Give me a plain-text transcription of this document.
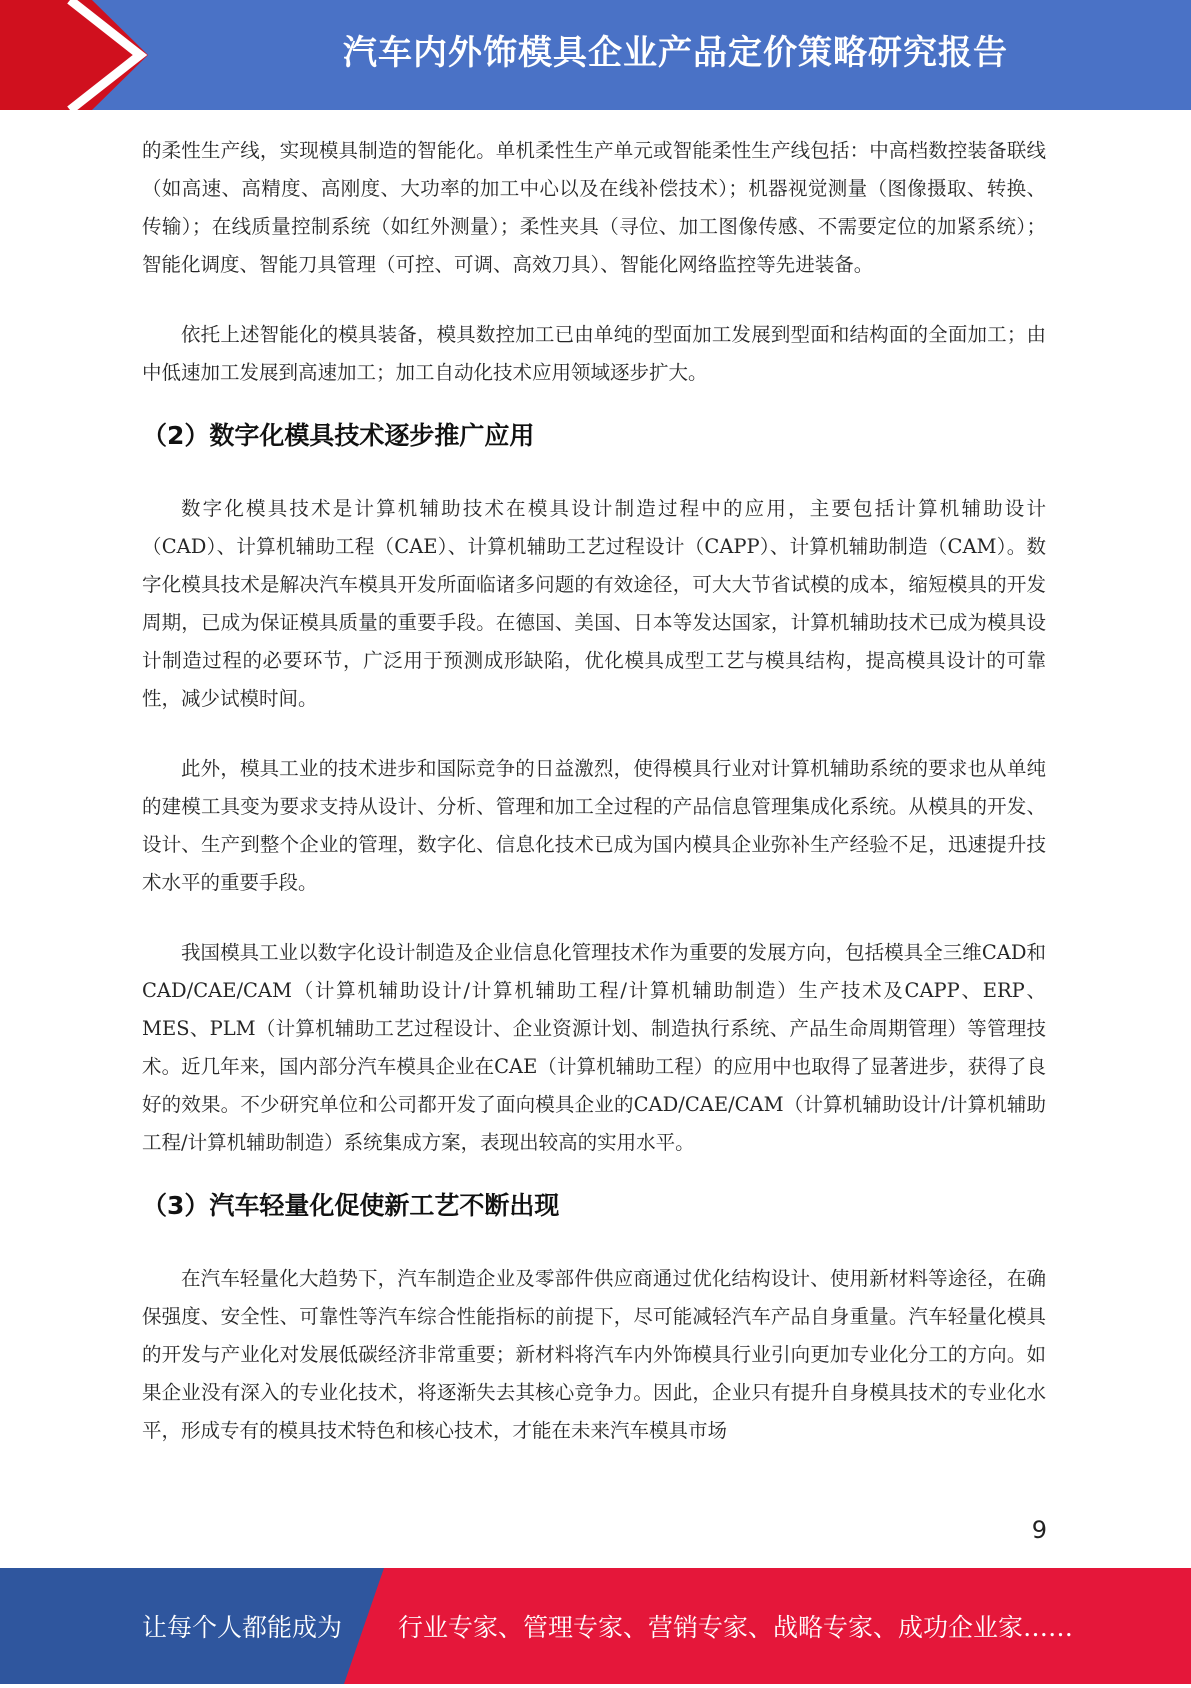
汽车内外饰模具企业产品定价策略研究报告

的柔性生产线，实现模具制造的智能化。单机柔性生产单元或智能柔性生产线包括：中高档数控装备联线（如高速、高精度、高刚度、大功率的加工中心以及在线补偿技术）；机器视觉测量（图像摄取、转换、传输）；在线质量控制系统（如红外测量）；柔性夹具（寻位、加工图像传感、不需要定位的加紧系统）；智能化调度、智能刀具管理（可控、可调、高效刀具）、智能化网络监控等先进装备。

依托上述智能化的模具装备，模具数控加工已由单纯的型面加工发展到型面和结构面的全面加工；由中低速加工发展到高速加工；加工自动化技术应用领域逐步扩大。

（2）数字化模具技术逐步推广应用

数字化模具技术是计算机辅助技术在模具设计制造过程中的应用，主要包括计算机辅助设计（CAD）、计算机辅助工程（CAE）、计算机辅助工艺过程设计（CAPP）、计算机辅助制造（CAM）。数字化模具技术是解决汽车模具开发所面临诸多问题的有效途径，可大大节省试模的成本，缩短模具的开发周期，已成为保证模具质量的重要手段。在德国、美国、日本等发达国家，计算机辅助技术已成为模具设计制造过程的必要环节，广泛用于预测成形缺陷，优化模具成型工艺与模具结构，提高模具设计的可靠性，减少试模时间。

此外，模具工业的技术进步和国际竞争的日益激烈，使得模具行业对计算机辅助系统的要求也从单纯的建模工具变为要求支持从设计、分析、管理和加工全过程的产品信息管理集成化系统。从模具的开发、设计、生产到整个企业的管理，数字化、信息化技术已成为国内模具企业弥补生产经验不足，迅速提升技术水平的重要手段。

我国模具工业以数字化设计制造及企业信息化管理技术作为重要的发展方向，包括模具全三维CAD和CAD/CAE/CAM（计算机辅助设计/计算机辅助工程/计算机辅助制造）生产技术及CAPP、ERP、MES、PLM（计算机辅助工艺过程设计、企业资源计划、制造执行系统、产品生命周期管理）等管理技术。近几年来，国内部分汽车模具企业在CAE（计算机辅助工程）的应用中也取得了显著进步，获得了良好的效果。不少研究单位和公司都开发了面向模具企业的CAD/CAE/CAM（计算机辅助设计/计算机辅助工程/计算机辅助制造）系统集成方案，表现出较高的实用水平。

（3）汽车轻量化促使新工艺不断出现

在汽车轻量化大趋势下，汽车制造企业及零部件供应商通过优化结构设计、使用新材料等途径，在确保强度、安全性、可靠性等汽车综合性能指标的前提下，尽可能减轻汽车产品自身重量。汽车轻量化模具的开发与产业化对发展低碳经济非常重要；新材料将汽车内外饰模具行业引向更加专业化分工的方向。如果企业没有深入的专业化技术，将逐渐失去其核心竞争力。因此，企业只有提升自身模具技术的专业化水平，形成专有的模具技术特色和核心技术，才能在未来汽车模具市场

9
让每个人都能成为 行业专家、管理专家、营销专家、战略专家、成功企业家……
